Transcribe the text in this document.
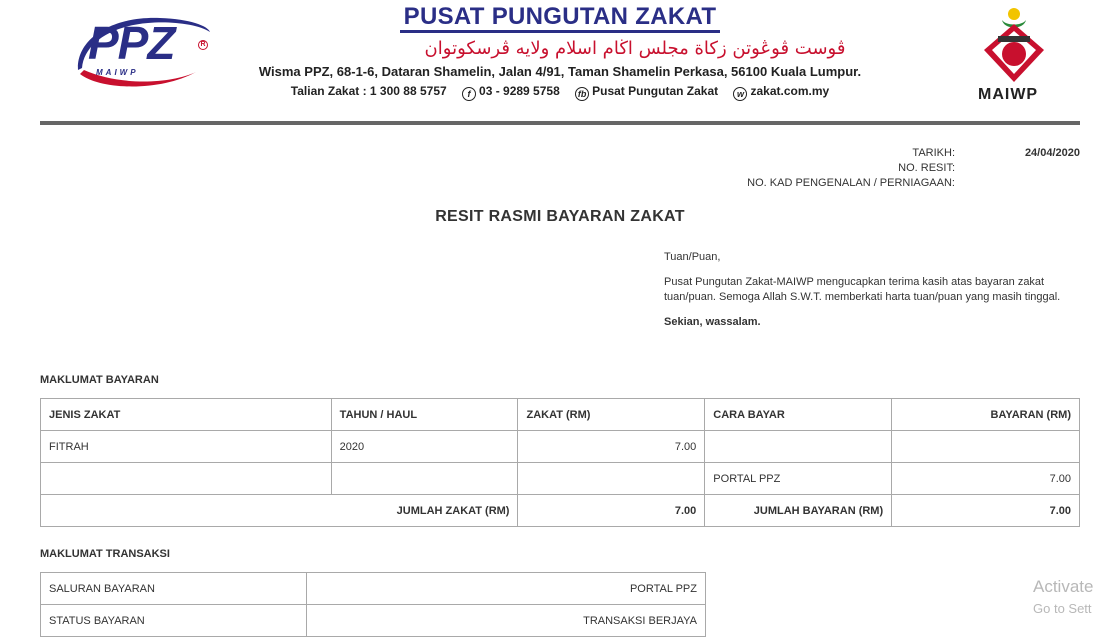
PPZ	R
MAIWP
PUSAT PUNGUTAN ZAKAT
ڤوست ڤوڠوتن زكاة مجلس اڬام اسلام ولايه ڤرسكوتوان
Wisma PPZ, 68-1-6, Dataran Shamelin, Jalan 4/91, Taman Shamelin Perkasa, 56100 Kuala Lumpur.
Talian Zakat : 1 300 88 5757 f 03 - 9289 5758 fb Pusat Pungutan Zakat w zakat.com.my	MAIWP
TARIKH:
NO. RESIT:
NO. KAD PENGENALAN / PERNIAGAAN:
24/04/2020

RESIT RASMI BAYARAN ZAKAT

Tuan/Puan,

Pusat Pungutan Zakat-MAIWP mengucapkan terima kasih atas bayaran zakat tuan/puan. Semoga Allah S.W.T. memberkati harta tuan/puan yang masih tinggal.

Sekian, wassalam.

MAKLUMAT BAYARAN
JENIS ZAKAT	TAHUN / HAUL	ZAKAT (RM)	CARA BAYAR	BAYARAN (RM)
FITRAH	2020	7.00		
			PORTAL PPZ	7.00
JUMLAH ZAKAT (RM)		7.00	JUMLAH BAYARAN (RM)	7.00
MAKLUMAT TRANSAKSI
SALURAN BAYARAN	PORTAL PPZ
STATUS BAYARAN	TRANSAKSI BERJAYA
Activate
Go to Sett
